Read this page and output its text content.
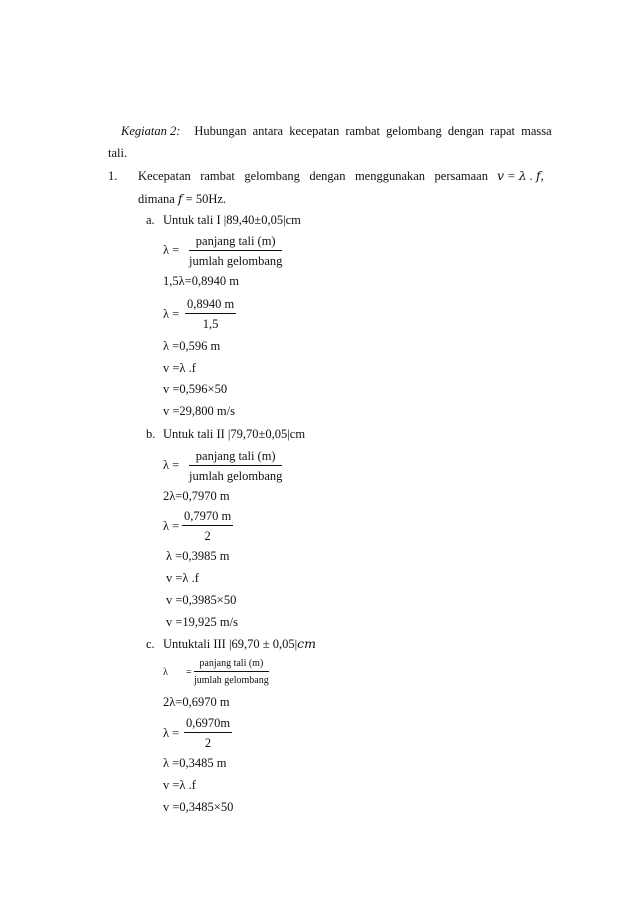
Kegiatan 2: Hubungan antara kecepatan rambat gelombang dengan rapat massa
tali.
1. Kecepatan rambat gelombang dengan menggunakan persamaan 𝑣 = 𝜆 . 𝑓,
dimana 𝑓 = 50Hz.
a. Untuk tali I |89,40±0,05|cm
λ =
panjang tali (m)
jumlah gelombang
1,5λ=0,8940 m
$\lambda = \frac{0,8940 m}{1,5}$
λ =0,596 m
v =λ .f
v =0,596×50
v =29,800 m/s
b. Untuk tali II |79,70±0,05|cm
λ =
panjang tali (m)
jumlah gelombang
2λ=0,7970 m
$\lambda = \frac{0,7970 m}{2}$
λ =0,3985 m
v =λ .f
v =0,3985×50
v =19,925 m/s
c. Untuktali III |69,70 ± 0,05|𝑐𝑚
λ =
panjang tali (m)
jumlah gelombang
2λ=0,6970 m
$\lambda = \frac{0,6970m}{2}$
λ =0,3485 m
v =λ .f
v =0,3485×50
